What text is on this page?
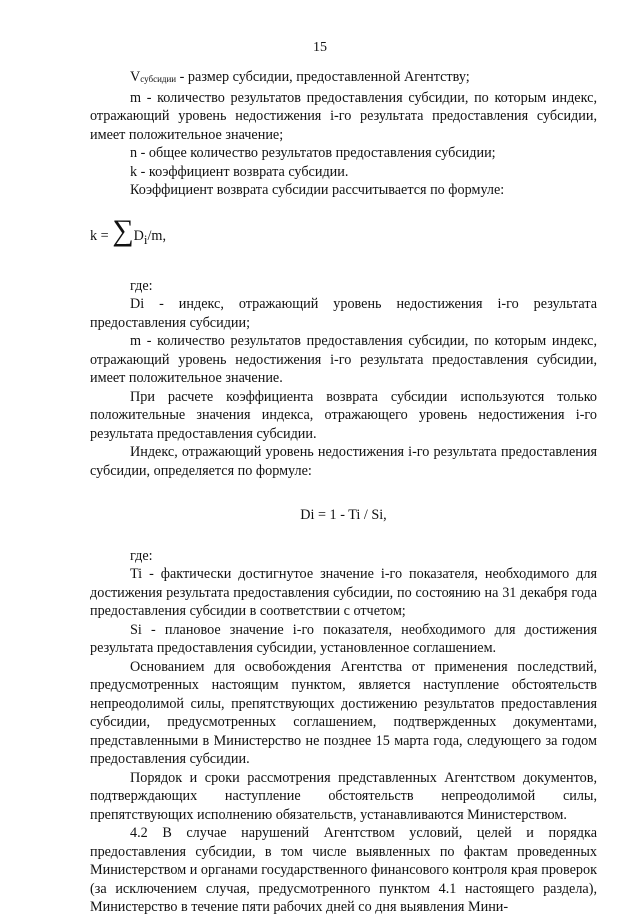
15

Vсубсидии - размер субсидии, предоставленной Агентству;

m - количество результатов предоставления субсидии, по которым индекс, отражающий уровень недостижения i-го результата предоставления субсидии, имеет положительное значение;

n - общее количество результатов предоставления субсидии;

k - коэффициент возврата субсидии.

Коэффициент возврата субсидии рассчитывается по формуле:

$k = \sum D_i/m$,

где:

Di - индекс, отражающий уровень недостижения i-го результата предоставления субсидии;

m - количество результатов предоставления субсидии, по которым индекс, отражающий уровень недостижения i-го результата предоставления субсидии, имеет положительное значение.

При расчете коэффициента возврата субсидии используются только положительные значения индекса, отражающего уровень недостижения i-го результата предоставления субсидии.

Индекс, отражающий уровень недостижения i-го результата предоставления субсидии, определяется по формуле:

Di = 1 - Ti / Si,

где:

Ti - фактически достигнутое значение i-го показателя, необходимого для достижения результата предоставления субсидии, по состоянию на 31 декабря года предоставления субсидии в соответствии с отчетом;

Si - плановое значение i-го показателя, необходимого для достижения результата предоставления субсидии, установленное соглашением.

Основанием для освобождения Агентства от применения последствий, предусмотренных настоящим пунктом, является наступление обстоятельств непреодолимой силы, препятствующих достижению результатов предоставления субсидии, предусмотренных соглашением, подтвержденных документами, представленными в Министерство не позднее 15 марта года, следующего за годом предоставления субсидии.

Порядок и сроки рассмотрения представленных Агентством документов, подтверждающих наступление обстоятельств непреодолимой силы, препятствующих исполнению обязательств, устанавливаются Министерством.

4.2 В случае нарушений Агентством условий, целей и порядка предоставления субсидии, в том числе выявленных по фактам проведенных Министерством и органами государственного финансового контроля края проверок (за исключением случая, предусмотренного пунктом 4.1 настоящего раздела), Министерство в течение пяти рабочих дней со дня выявления Мини-
